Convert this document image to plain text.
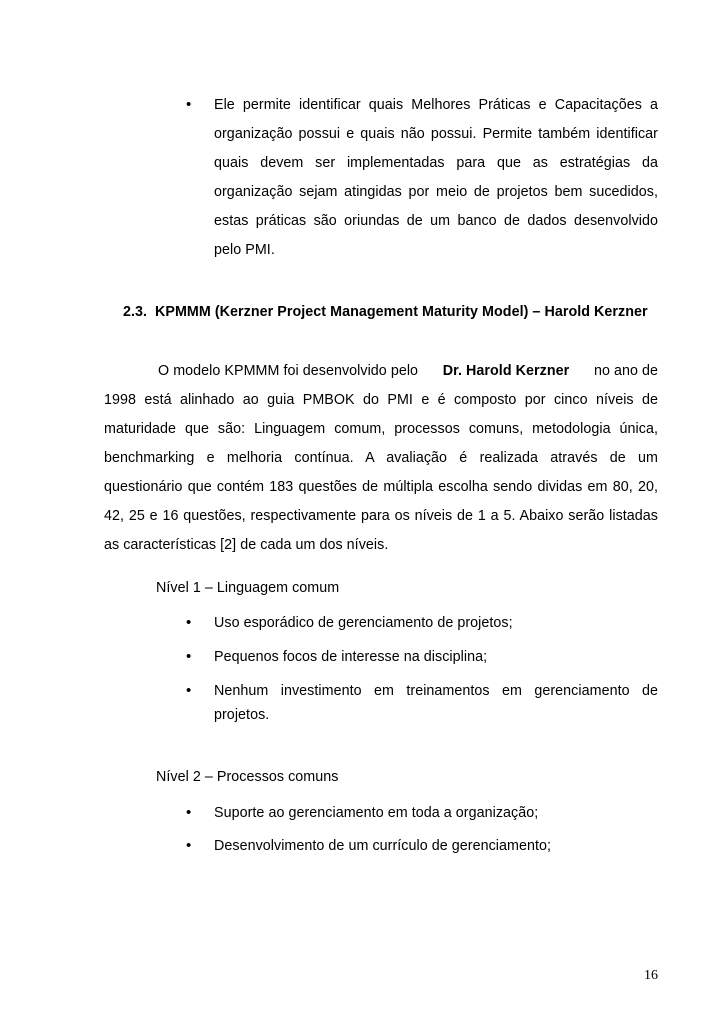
• Ele permite identificar quais Melhores Práticas e Capacitações a
organização possui e quais não possui. Permite também identificar
quais devem ser implementadas para que as estratégias da
organização sejam atingidas por meio de projetos bem sucedidos,
estas práticas são oriundas de um banco de dados desenvolvido
pelo PMI.
2.3. KPMMM (Kerzner Project Management Maturity Model) – Harold Kerzner
O modelo KPMMM foi desenvolvido pelo Dr. Harold Kerzner no ano de
1998 está alinhado ao guia PMBOK do PMI e é composto por cinco níveis de
maturidade que são: Linguagem comum, processos comuns, metodologia única,
benchmarking e melhoria contínua. A avaliação é realizada através de um
questionário que contém 183 questões de múltipla escolha sendo dividas em 80, 20,
42, 25 e 16 questões, respectivamente para os níveis de 1 a 5. Abaixo serão listadas
as características [2] de cada um dos níveis.
Nível 1 – Linguagem comum
• Uso esporádico de gerenciamento de projetos;
• Pequenos focos de interesse na disciplina;
• Nenhum investimento em treinamentos em gerenciamento de
projetos.
Nível 2 – Processos comuns
• Suporte ao gerenciamento em toda a organização;
• Desenvolvimento de um currículo de gerenciamento;
16
